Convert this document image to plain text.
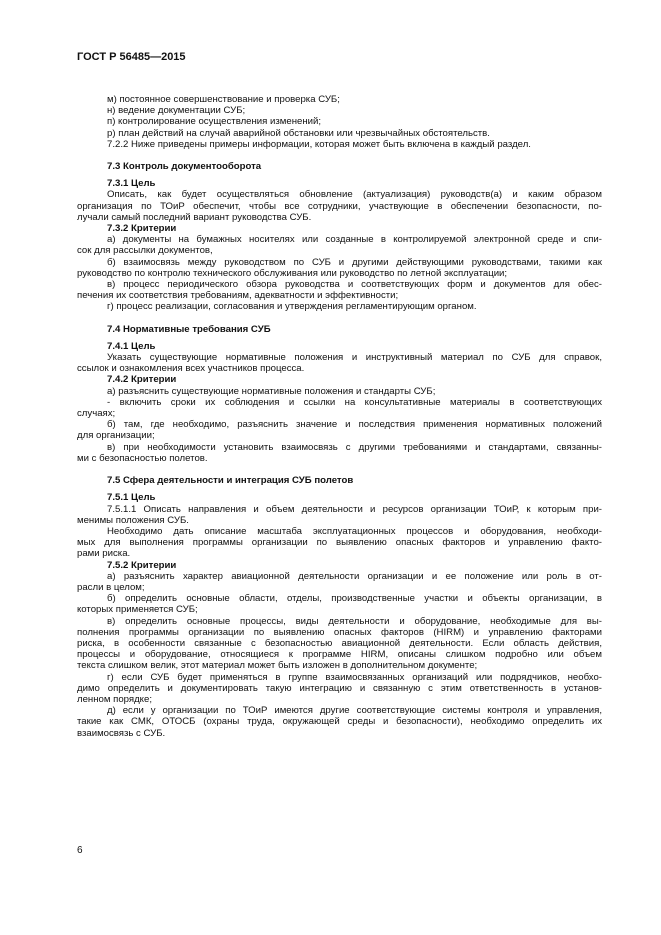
ГОСТ Р 56485—2015

м) постоянное совершенствование и проверка СУБ;

н) ведение документации СУБ;

п) контролирование осуществления изменений;

р) план действий на случай аварийной обстановки или чрезвычайных обстоятельств.

7.2.2 Ниже приведены примеры информации, которая может быть включена в каждый раздел.

7.3 Контроль документооборота

7.3.1 Цель

Описать, как будет осуществляться обновление (актуализация) руководств(а) и каким образом

организация по ТОиР обеспечит, чтобы все сотрудники, участвующие в обеспечении безопасности, по-

лучали самый последний вариант руководства СУБ.

7.3.2 Критерии

а) документы на бумажных носителях или созданные в контролируемой электронной среде и спи-

сок для рассылки документов,

б) взаимосвязь между руководством по СУБ и другими действующими руководствами, такими как

руководство по контролю технического обслуживания или руководство по летной эксплуатации;

в) процесс периодического обзора руководства и соответствующих форм и документов для обес-

печения их соответствия требованиям, адекватности и эффективности;

г) процесс реализации, согласования и утверждения регламентирующим органом.

7.4 Нормативные требования СУБ

7.4.1 Цель

Указать существующие нормативные положения и инструктивный материал по СУБ для справок,

ссылок и ознакомления всех участников процесса.

7.4.2 Критерии

а) разъяснить существующие нормативные положения и стандарты СУБ;

- включить сроки их соблюдения и ссылки на консультативные материалы в соответствующих

случаях;

б) там, где необходимо, разъяснить значение и последствия применения нормативных положений

для организации;

в) при необходимости установить взаимосвязь с другими требованиями и стандартами, связанны-

ми с безопасностью полетов.

7.5 Сфера деятельности и интеграция СУБ полетов

7.5.1 Цель

7.5.1.1 Описать направления и объем деятельности и ресурсов организации ТОиР, к которым при-

менимы положения СУБ.

Необходимо дать описание масштаба эксплуатационных процессов и оборудования, необходи-

мых для выполнения программы организации по выявлению опасных факторов и управлению факто-

рами риска.

7.5.2 Критерии

а) разъяснить характер авиационной деятельности организации и ее положение или роль в от-

расли в целом;

б) определить основные области, отделы, производственные участки и объекты организации, в

которых применяется СУБ;

в) определить основные процессы, виды деятельности и оборудование, необходимые для вы-

полнения программы организации по выявлению опасных факторов (HIRM) и управлению факторами

риска, в особенности связанные с безопасностью авиационной деятельности. Если область действия,

процессы и оборудование, относящиеся к программе HIRM, описаны слишком подробно или объем

текста слишком велик, этот материал может быть изложен в дополнительном документе;

г) если СУБ будет применяться в группе взаимосвязанных организаций или подрядчиков, необхо-

димо определить и документировать такую интеграцию и связанную с этим ответственность в установ-

ленном порядке;

д) если у организации по ТОиР имеются другие соответствующие системы контроля и управления,

такие как СМК, ОТОСБ (охраны труда, окружающей среды и безопасности), необходимо определить их

взаимосвязь с СУБ.

6
